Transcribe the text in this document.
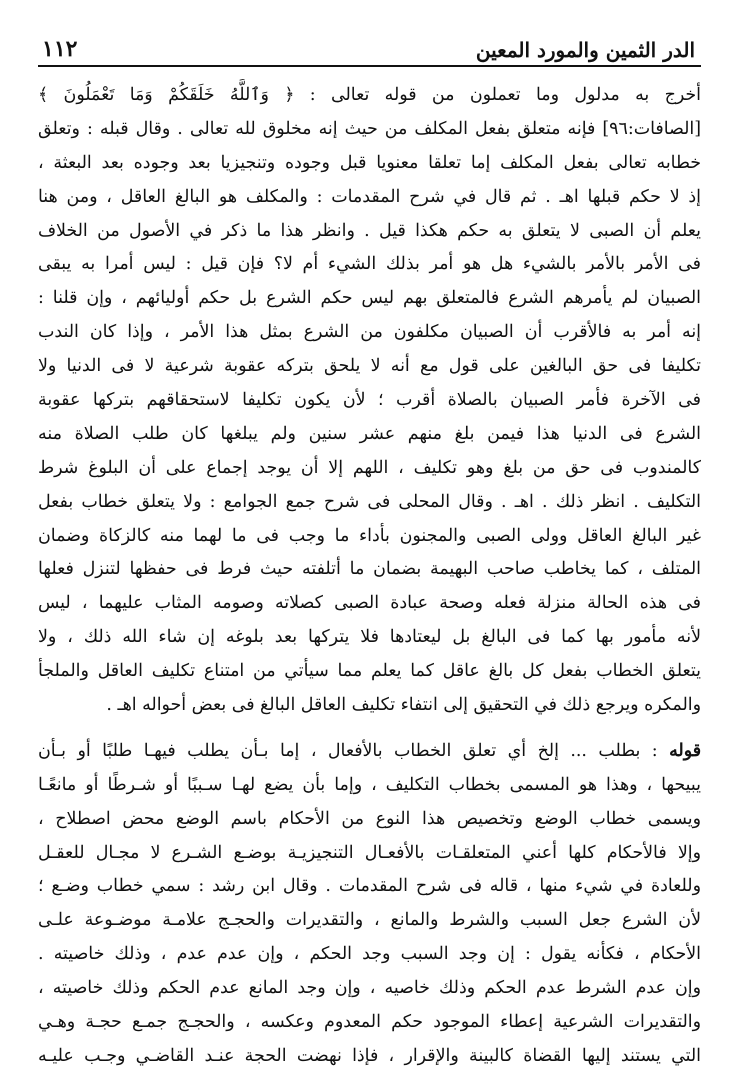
الدر الثمين والمورد المعين
١١٢
أخرج به مدلول وما تعملون من قوله تعالى : ﴿ وَٱللَّهُ خَلَقَكُمْ وَمَا تَعْمَلُونَ ﴾
[الصافات:٩٦] فإنه متعلق بفعل المكلف من حيث إنه مخلوق لله تعالى . وقال قبله : وتعلق
خطابه تعالى بفعل المكلف إما تعلقا معنويا قبل وجوده وتنجيزيا بعد وجوده بعد البعثة ،
إذ لا حكم قبلها اهـ . ثم قال في شرح المقدمات : والمكلف هو البالغ العاقل ، ومن هنا
يعلم أن الصبى لا يتعلق به حكم هكذا قيل . وانظر هذا ما ذكر في الأصول من الخلاف
فى الأمر بالأمر بالشيء هل هو أمر بذلك الشيء أم لا؟ فإن قيل : ليس أمرا به يبقى
الصبيان لم يأمرهم الشرع فالمتعلق بهم ليس حكم الشرع بل حكم أوليائهم ، وإن قلنا :
إنه أمر به فالأقرب أن الصبيان مكلفون من الشرع بمثل هذا الأمر ، وإذا كان الندب
تكليفا فى حق البالغين على قول مع أنه لا يلحق بتركه عقوبة شرعية لا فى الدنيا ولا
فى الآخرة فأمر الصبيان بالصلاة أقرب ؛ لأن يكون تكليفا لاستحقاقهم بتركها عقوبة
الشرع فى الدنيا هذا فيمن بلغ منهم عشر سنين ولم يبلغها كان طلب الصلاة منه
كالمندوب فى حق من بلغ وهو تكليف ، اللهم إلا أن يوجد إجماع على أن البلوغ شرط
التكليف . انظر ذلك . اهـ . وقال المحلى فى شرح جمع الجوامع : ولا يتعلق خطاب بفعل
غير البالغ العاقل وولى الصبى والمجنون بأداء ما وجب فى ما لهما منه كالزكاة وضمان
المتلف ، كما يخاطب صاحب البهيمة بضمان ما أتلفته حيث فرط فى حفظها لتنزل فعلها
فى هذه الحالة منزلة فعله وصحة عبادة الصبى كصلاته وصومه المثاب عليهما ، ليس
لأنه مأمور بها كما فى البالغ بل ليعتادها فلا يتركها بعد بلوغه إن شاء الله ذلك ، ولا
يتعلق الخطاب بفعل كل بالغ عاقل كما يعلم مما سيأتي من امتناع تكليف العاقل والملجأ
والمكره ويرجع ذلك في التحقيق إلى انتفاء تكليف العاقل البالغ فى بعض أحواله اهـ .
قوله : بطلب ... إلخ أي تعلق الخطاب بالأفعال ، إما بـأن يطلب فيهـا طلبًا أو بـأن
يبيحها ، وهذا هو المسمى بخطاب التكليف ، وإما بأن يضع لهـا سـببًا أو شـرطًا أو مانعًـا
ويسمى خطاب الوضع وتخصيص هذا النوع من الأحكام باسم الوضع محض اصطلاح ،
وإلا فالأحكام كلها أعني المتعلقـات بالأفعـال التنجيزيـة بوضـع الشـرع لا مجـال للعقـل
وللعادة في شيء منها ، قاله فى شرح المقدمات . وقال ابن رشد : سمي خطاب وضـع ؛
لأن الشرع جعل السبب والشرط والمانع ، والتقديرات والحجـج علامـة موضـوعة علـى
الأحكام ، فكأنه يقول : إن وجد السبب وجد الحكم ، وإن عدم عدم ، وذلك خاصيته .
وإن عدم الشرط عدم الحكم وذلك خاصيه ، وإن وجد المانع عدم الحكم وذلك خاصيته ،
والتقديرات الشرعية إعطاء الموجود حكم المعدوم وعكسه ، والحجـج جمـع حجـة وهـي
التي يستند إليها القضاة كالبينة والإقرار ، فإذا نهضت الحجة عنـد القاضـي وجـب عليـه
